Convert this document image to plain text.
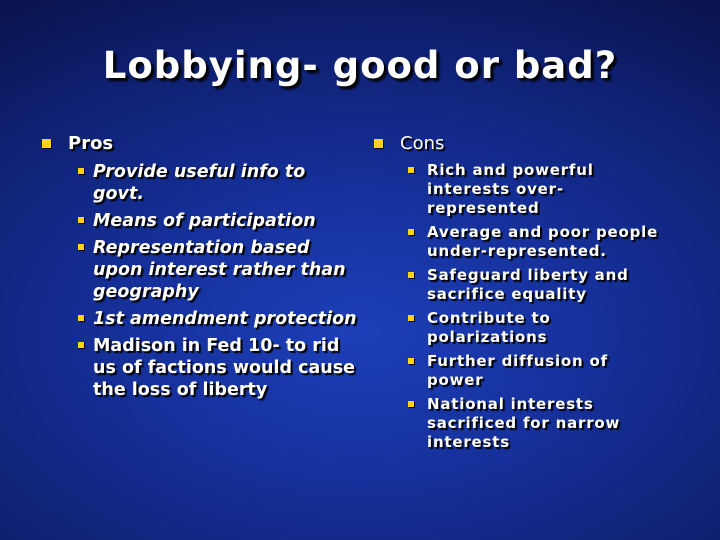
Lobbying- good or bad?
Pros
Provide useful info to govt.
Means of participation
Representation based upon interest rather than geography
1st amendment protection
Madison in Fed 10- to rid us of factions would cause the loss of liberty
Cons
Rich and powerful interests over-represented
Average and poor people under-represented.
Safeguard liberty and sacrifice equality
Contribute to polarizations
Further diffusion of power
National interests sacrificed for narrow interests
